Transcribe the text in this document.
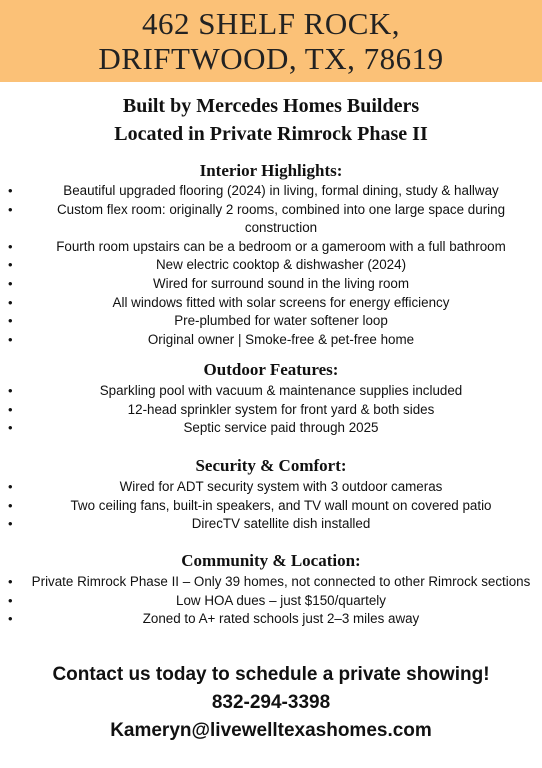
462 SHELF ROCK,
DRIFTWOOD, TX, 78619
Built by Mercedes Homes Builders
Located in Private Rimrock Phase II
Interior Highlights:
•	Beautiful upgraded flooring (2024) in living, formal dining, study & hallway
•	Custom flex room: originally 2 rooms, combined into one large space during construction
•	Fourth room upstairs can be a bedroom or a gameroom with a full bathroom
•	New electric cooktop & dishwasher (2024)
•	Wired for surround sound in the living room
•	All windows fitted with solar screens for energy efficiency
•	Pre-plumbed for water softener loop
•	Original owner | Smoke-free & pet-free home
Outdoor Features:
•	Sparkling pool with vacuum & maintenance supplies included
•	12-head sprinkler system for front yard & both sides
•	Septic service paid through 2025
Security & Comfort:
•	Wired for ADT security system with 3 outdoor cameras
•	Two ceiling fans, built-in speakers, and TV wall mount on covered patio
•	DirecTV satellite dish installed
Community & Location:
• Private Rimrock Phase II – Only 39 homes, not connected to other Rimrock sections
•	Low HOA dues – just $150/quartely
•	Zoned to A+ rated schools just 2–3 miles away
Contact us today to schedule a private showing!
832-294-3398
Kameryn@livewelltexashomes.com
